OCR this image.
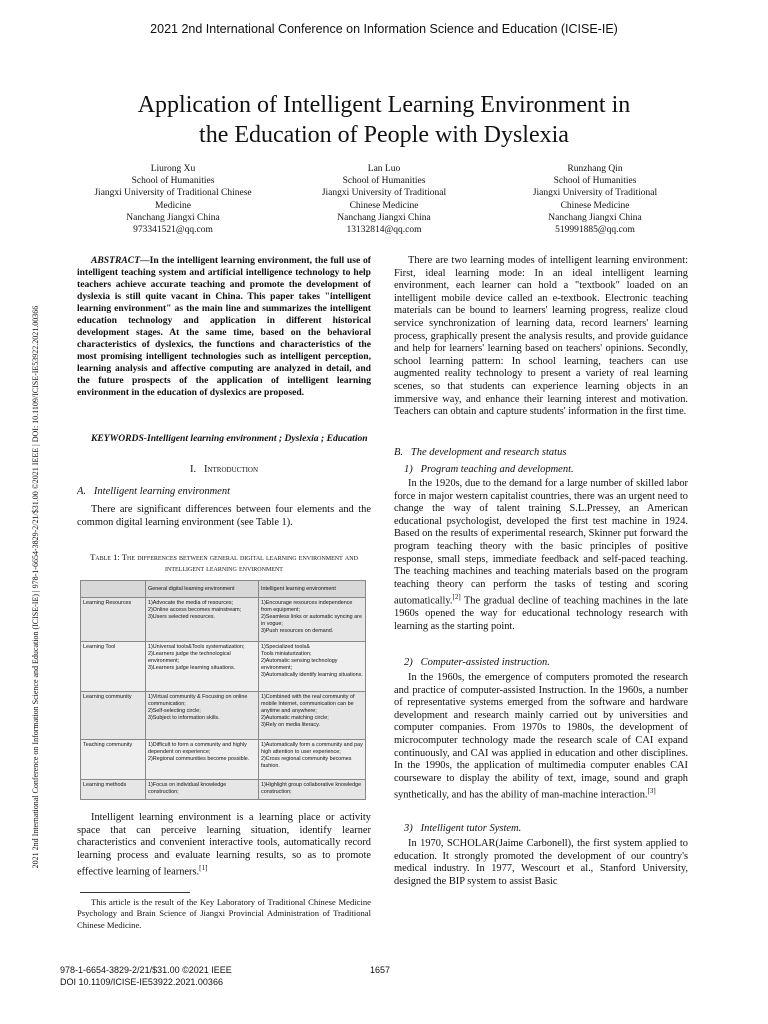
2021 2nd International Conference on Information Science and Education (ICISE-IE)
Application of Intelligent Learning Environment in
the Education of People with Dyslexia
Liurong Xu
School of Humanities
Jiangxi University of Traditional Chinese
Medicine
Nanchang Jiangxi China
973341521@qq.com
Lan Luo
School of Humanities
Jiangxi University of Traditional
Chinese Medicine
Nanchang Jiangxi China
13132814@qq.com
Runzhang Qin
School of Humanities
Jiangxi University of Traditional
Chinese Medicine
Nanchang Jiangxi China
519991885@qq.com
2021 2nd International Conference on Information Science and Education (ICISE-IE) | 978-1-6654-3829-2/21/$31.00 ©2021 IEEE | DOI: 10.1109/ICISE-IE53922.2021.00366
ABSTRACT—In the intelligent learning environment, the full use of intelligent teaching system and artificial intelligence technology to help teachers achieve accurate teaching and promote the development of dyslexia is still quite vacant in China. This paper takes "intelligent learning environment" as the main line and summarizes the intelligent education technology and application in different historical development stages. At the same time, based on the behavioral characteristics of dyslexics, the functions and characteristics of the most promising intelligent technologies such as intelligent perception, learning analysis and affective computing are analyzed in detail, and the future prospects of the application of intelligent learning environment in the education of dyslexics are proposed.
KEYWORDS-Intelligent learning environment ; Dyslexia ; Education
I. Introduction
A.   Intelligent learning environment
There are significant differences between four elements and the common digital learning environment (see Table 1).
Table 1: The differences between general digital learning environment and intelligent learning environment
	General digital learning environment	Intelligent learning environment
Learning Resources	1)Advocate the media of resources;
2)Online access becomes mainstream;
3)Users selected resources.	1)Encourage resources independence from equipment;
2)Seamless links or automatic syncing are in vogue;
3)Push resources on demand.
Learning Tool	1)Universal tools&Tools systematization;
2)Learners judge the technological environment;
3)Learners judge learning situations.	1)Specialized tools&
Tools miniaturization;
2)Automatic sensing technology environment;
3)Automatically identify learning situations.
Learning community	1)Virtual community & Focusing on online communication;
2)Self-selecting circle;
3)Subject to information skills.	1)Combined with the real community of mobile Internet, communication can be anytime and anywhere;
2)Automatic matching circle;
3)Rely on media literacy.
Teaching community	1)Difficult to form a community and highly dependent on experience;
2)Regional communities become possible.	1)Automatically form a community and pay high attention to user experience;
2)Cross regional community becomes fashion.
Learning methods	1)Focus on individual knowledge construction;	1)Highlight group collaborative knowledge construction;
Intelligent learning environment is a learning place or activity space that can perceive learning situation, identify learner characteristics and convenient interactive tools, automatically record learning process and evaluate learning results, so as to promote effective learning of learners.[1]
This article is the result of the Key Laboratory of Traditional Chinese Medicine Psychology and Brain Science of Jiangxi Provincial Administration of Traditional Chinese Medicine.
There are two learning modes of intelligent learning environment: First, ideal learning mode: In an ideal intelligent learning environment, each learner can hold a "textbook" loaded on an intelligent mobile device called an e-textbook. Electronic teaching materials can be bound to learners' learning progress, realize cloud service synchronization of learning data, record learners' learning process, graphically present the analysis results, and provide guidance and help for learners' learning based on teachers' opinions. Secondly, school learning pattern: In school learning, teachers can use augmented reality technology to present a variety of real learning scenes, so that students can experience learning objects in an immersive way, and enhance their learning interest and motivation. Teachers can obtain and capture students' information in the first time.
B.   The development and research status
1)   Program teaching and development.
In the 1920s, due to the demand for a large number of skilled labor force in major western capitalist countries, there was an urgent need to change the way of talent training S.L.Pressey, an American educational psychologist, developed the first test machine in 1924. Based on the results of experimental research, Skinner put forward the program teaching theory with the basic principles of positive response, small steps, immediate feedback and self-paced teaching. The teaching machines and teaching materials based on the program teaching theory can perform the tasks of testing and scoring automatically.[2] The gradual decline of teaching machines in the late 1960s opened the way for educational technology research with learning as the starting point.
2)   Computer-assisted instruction.
In the 1960s, the emergence of computers promoted the research and practice of computer-assisted Instruction. In the 1960s, a number of representative systems emerged from the software and hardware development and research mainly carried out by universities and computer companies. From 1970s to 1980s, the development of microcomputer technology made the research scale of CAI expand continuously, and CAI was applied in education and other disciplines. In the 1990s, the application of multimedia computer enables CAI courseware to display the ability of text, image, sound and graph synthetically, and has the ability of man-machine interaction.[3]
3)   Intelligent tutor System.
In 1970, SCHOLAR(Jaime Carbonell), the first system applied to education. It strongly promoted the development of our country's medical industry. In 1977, Wescourt et al., Stanford University, designed the BIP system to assist Basic
978-1-6654-3829-2/21/$31.00 ©2021 IEEE
DOI 10.1109/ICISE-IE53922.2021.00366
1657
